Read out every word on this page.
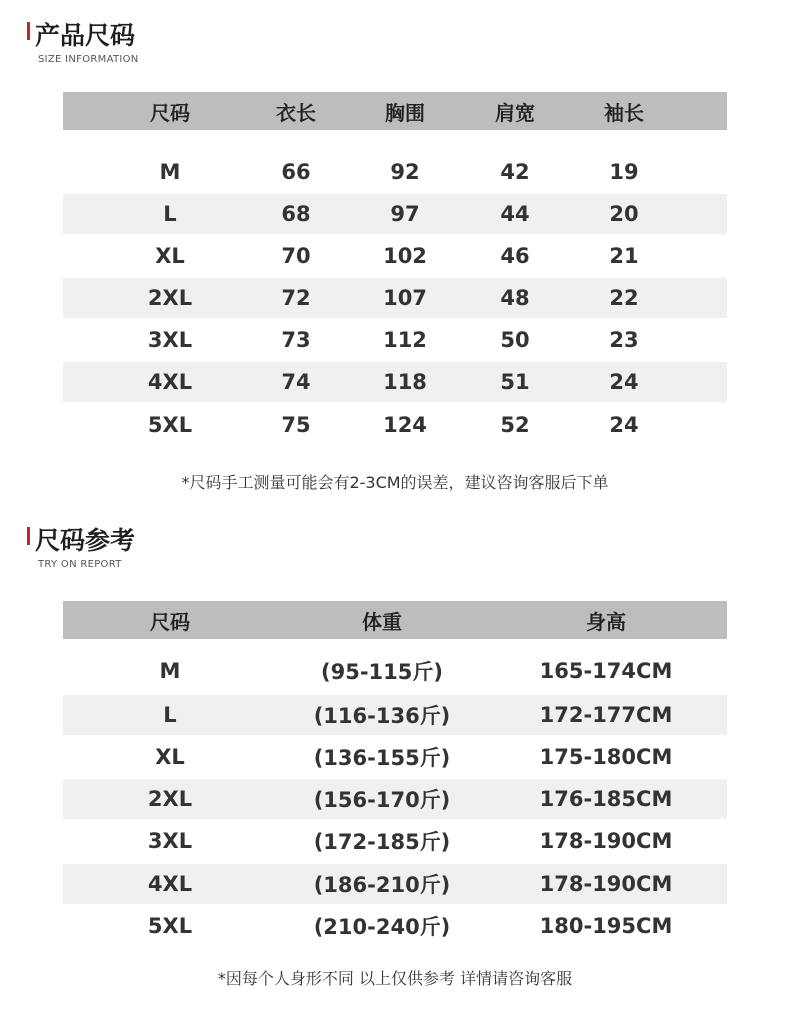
产品尺码
SIZE INFORMATION
尺码	衣长	胸围	肩宽	袖长
M	66	92	42	19
L	68	97	44	20
XL	70	102	46	21
2XL	72	107	48	22
3XL	73	112	50	23
4XL	74	118	51	24
5XL	75	124	52	24
*尺码手工测量可能会有2-3CM的误差，建议咨询客服后下单
尺码参考
TRY ON REPORT
尺码	体重	身高
M	(95-115斤)	165-174CM
L	(116-136斤)	172-177CM
XL	(136-155斤)	175-180CM
2XL	(156-170斤)	176-185CM
3XL	(172-185斤)	178-190CM
4XL	(186-210斤)	178-190CM
5XL	(210-240斤)	180-195CM
*因每个人身形不同 以上仅供参考 详情请咨询客服
